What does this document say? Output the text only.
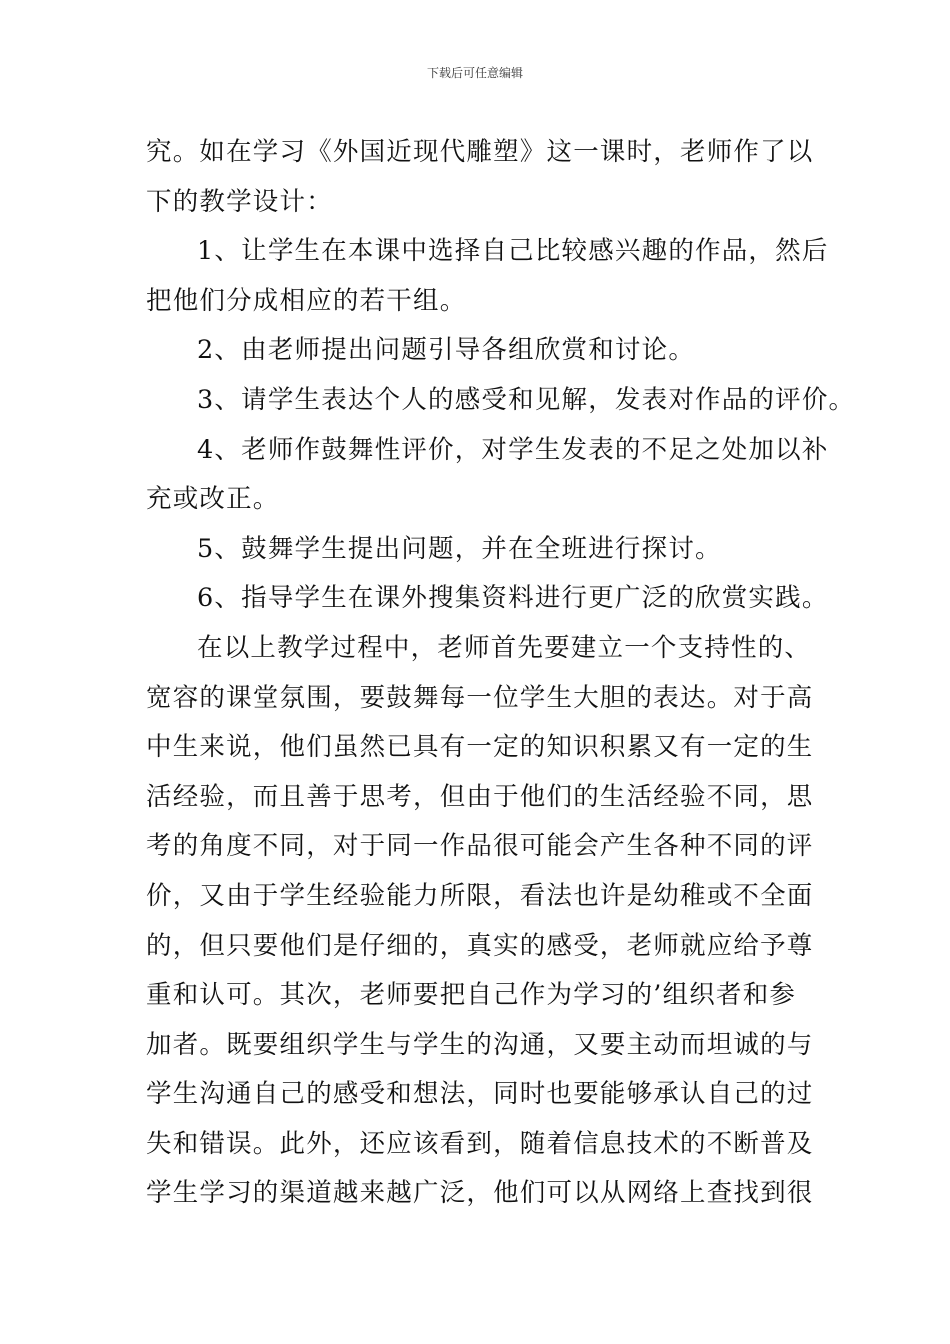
下载后可任意编辑
究。如在学习《外国近现代雕塑》这一课时，老师作了以
下的教学设计：
1、让学生在本课中选择自己比较感兴趣的作品，然后
把他们分成相应的若干组。
2、由老师提出问题引导各组欣赏和讨论。
3、请学生表达个人的感受和见解，发表对作品的评价。
4、老师作鼓舞性评价，对学生发表的不足之处加以补
充或改正。
5、鼓舞学生提出问题，并在全班进行探讨。
6、指导学生在课外搜集资料进行更广泛的欣赏实践。
在以上教学过程中，老师首先要建立一个支持性的、
宽容的课堂氛围，要鼓舞每一位学生大胆的表达。对于高
中生来说，他们虽然已具有一定的知识积累又有一定的生
活经验，而且善于思考，但由于他们的生活经验不同，思
考的角度不同，对于同一作品很可能会产生各种不同的评
价，又由于学生经验能力所限，看法也许是幼稚或不全面
的，但只要他们是仔细的，真实的感受，老师就应给予尊
重和认可。其次，老师要把自己作为学习的’组织者和参
加者。既要组织学生与学生的沟通，又要主动而坦诚的与
学生沟通自己的感受和想法，同时也要能够承认自己的过
失和错误。此外，还应该看到，随着信息技术的不断普及
学生学习的渠道越来越广泛，他们可以从网络上查找到很
